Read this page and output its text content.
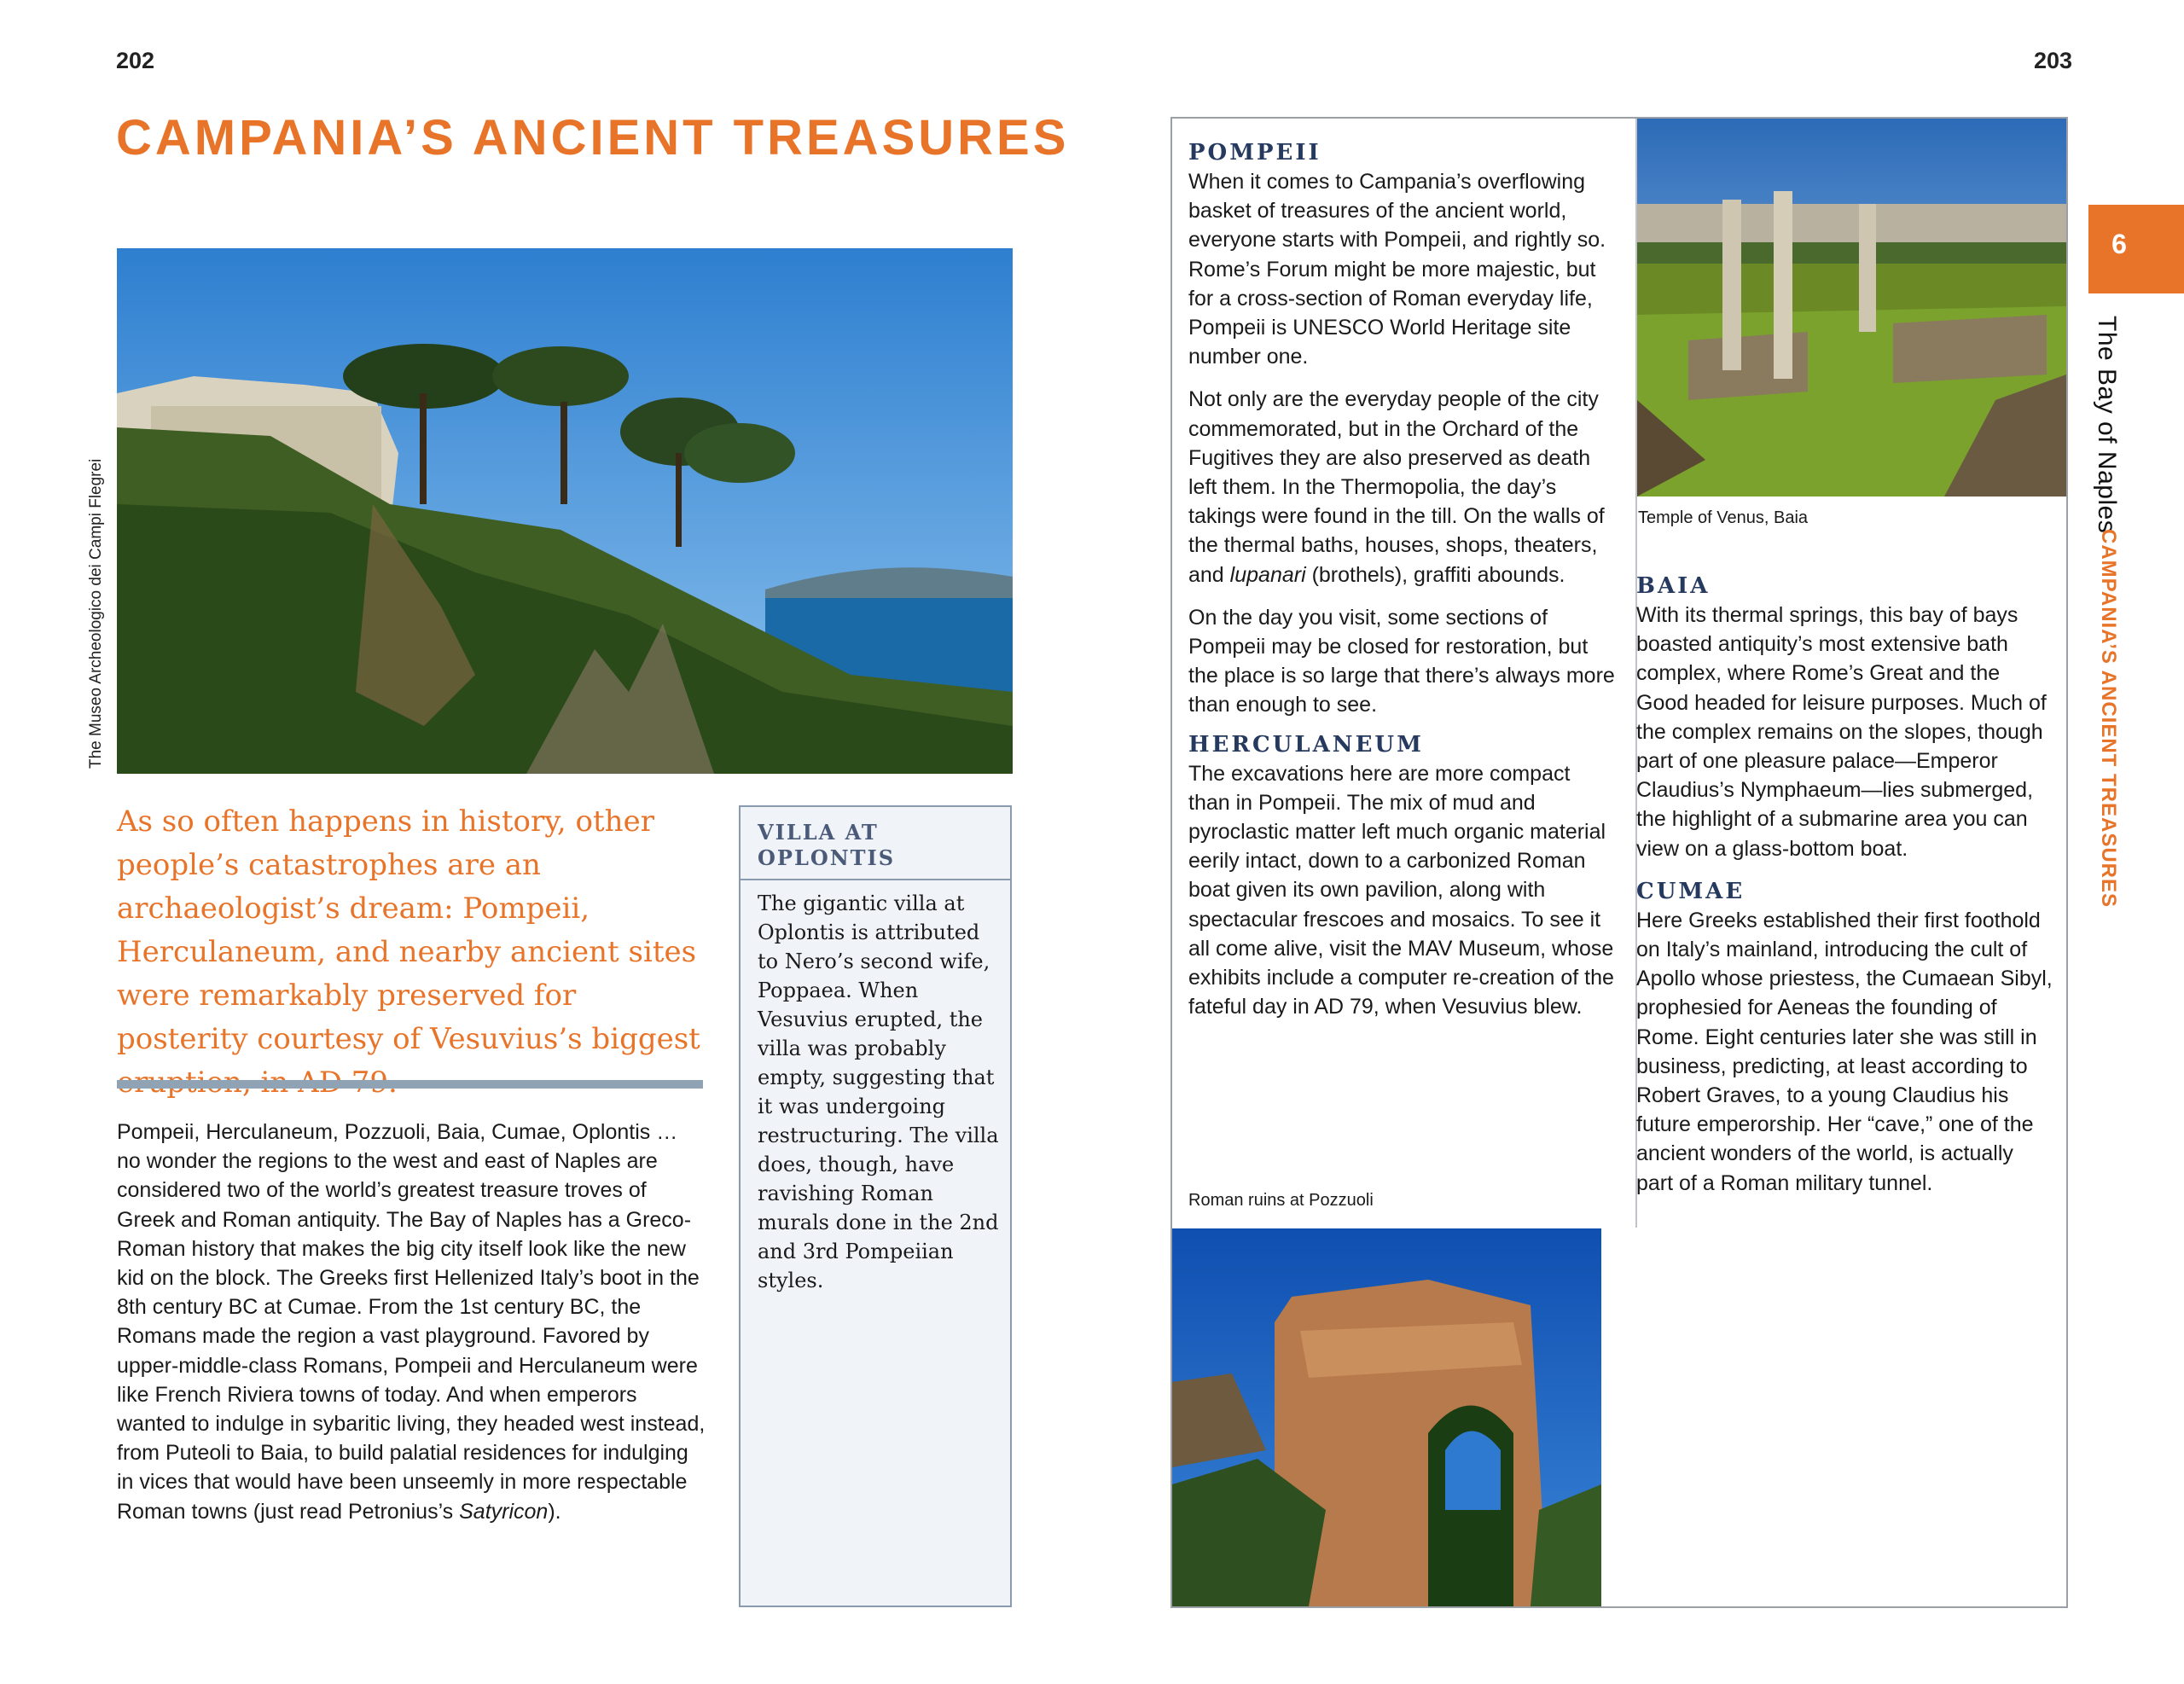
202	203
CAMPANIA’S ANCIENT TREASURES
The Museo Archeologico dei Campi Flegrei
As so often happens in history, other people’s catastrophes are an archaeologist’s dream: Pompeii, Herculaneum, and nearby ancient sites were remarkably preserved for posterity courtesy of Vesuvius’s biggest
Pompeii, Herculaneum, Pozzuoli, Baia, Cumae, Oplontis … no wonder the regions to the west and east of Naples are considered two of the world’s greatest treasure troves of Greek and Roman antiquity. The Bay of Naples has a Greco-Roman history that makes the big city itself look like the new kid on the block. The Greeks first Hellenized Italy’s boot in the 8th century BC at Cumae. From the 1st century BC, the Romans made the region a vast playground. Favored by upper-middle-class Romans, Pompeii and Herculaneum were like French Riviera towns of today. And when emperors wanted to indulge in sybaritic living, they headed west instead, from Puteoli to Baia, to build palatial residences for indulging in vices that would have been unseemly in more respectable Roman towns (just read Petronius’s Satyricon).
VILLA AT OPLONTIS
The gigantic villa at Oplontis is attributed to Nero’s second wife, Poppaea. When Vesuvius erupted, the villa was probably empty, suggesting that it was undergoing restructuring. The villa does, though, have ravishing Roman murals done in the 2nd and 3rd Pompeiian styles.
POMPEII

When it comes to Campania’s overflowing basket of treasures of the ancient world, everyone starts with Pompeii, and rightly so. Rome’s Forum might be more majestic, but for a cross-section of Roman everyday life, Pompeii is UNESCO World Heritage site number one.

Not only are the everyday people of the city commemorated, but in the Orchard of the Fugitives they are also preserved as death left them. In the Thermopolia, the day’s takings were found in the till. On the walls of the thermal baths, houses, shops, theaters, and lupanari (brothels), graffiti abounds.

On the day you visit, some sections of Pompeii may be closed for restoration, but the place is so large that there’s always more than enough to see.

HERCULANEUM
The excavations here are more compact than in Pompeii. The mix of mud and pyroclastic matter left much organic material eerily intact, down to a carbonized Roman boat given its own pavilion, along with spectacular frescoes and mosaics. To see it all come alive, visit the MAV Museum, whose exhibits include a computer re-creation of the fateful day in AD 79, when Vesuvius blew.
Roman ruins at Pozzuoli
Temple of Venus, Baia
BAIA
With its thermal springs, this bay of bays boasted antiquity’s most extensive bath complex, where Rome’s Great and the Good headed for leisure purposes. Much of the complex remains on the slopes, though part of one pleasure palace—Emperor Claudius’s Nymphaeum—lies submerged, the highlight of a submarine area you can view on a glass-bottom boat.
CUMAE
Here Greeks established their first foothold on Italy’s mainland, introducing the cult of Apollo whose priestess, the Cumaean Sibyl, prophesied for Aeneas the founding of Rome. Eight centuries later she was still in business, predicting, at least according to Robert Graves, to a young Claudius his future emperorship. Her “cave,” one of the ancient wonders of the world, is actually part of a Roman military tunnel.
6
The Bay of Naples
CAMPANIA’S ANCIENT TREASURES
